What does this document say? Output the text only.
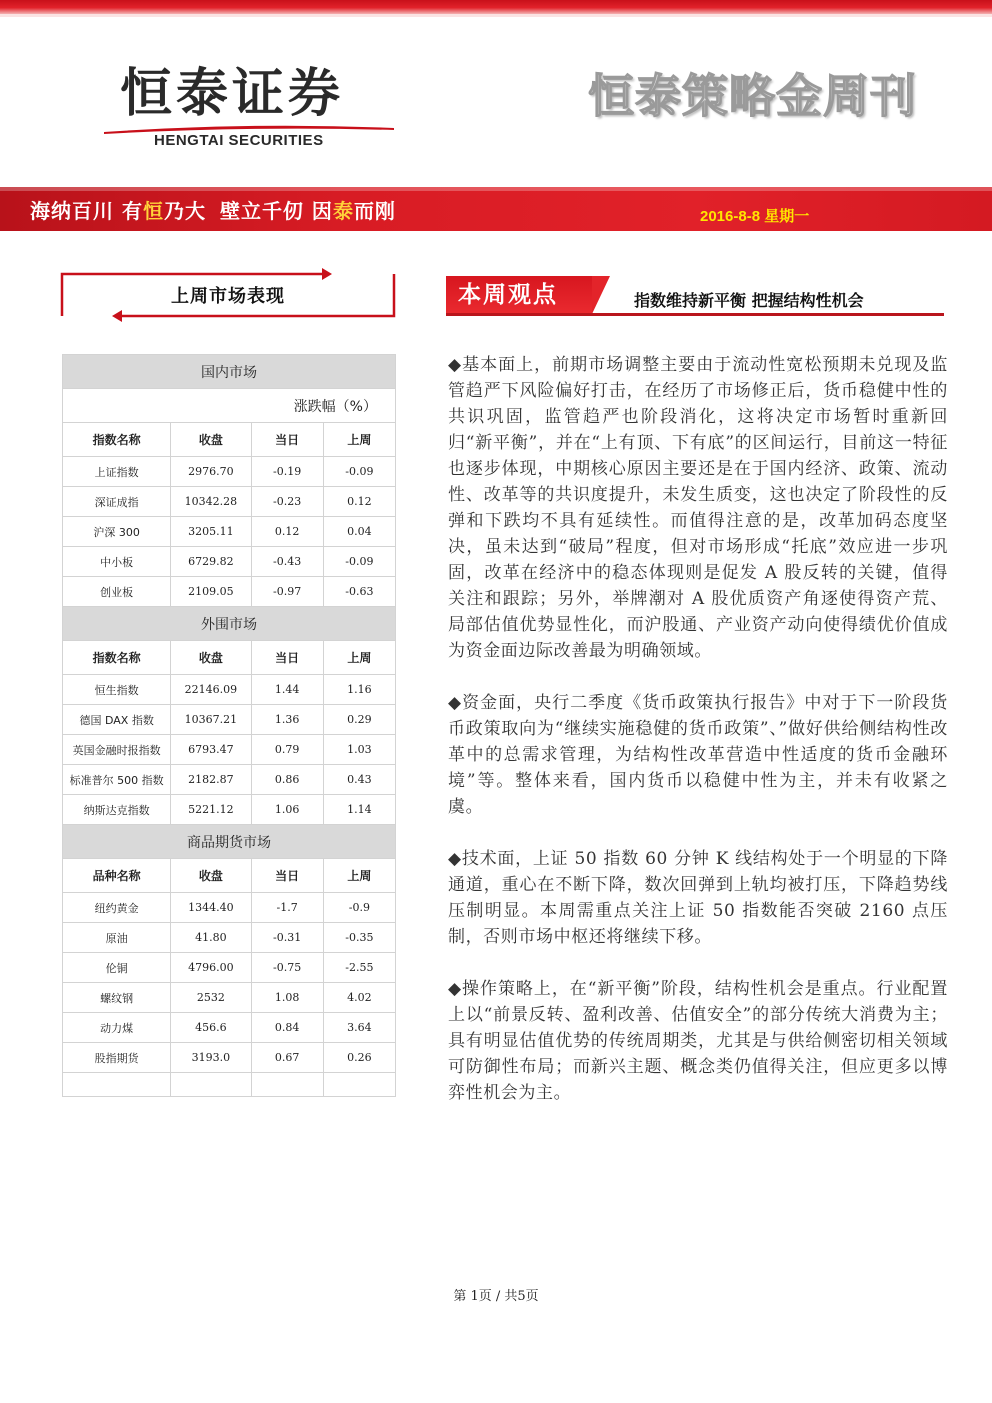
恒泰证券
HENGTAI SECURITIES
恒泰策略金周刊
海纳百川 有恒乃大 壁立千仞 因泰而刚	2016-8-8 星期一
上周市场表现
国内市场			
涨跌幅（%）			
指数名称	收盘	当日	上周
上证指数	2976.70	-0.19	-0.09
深证成指	10342.28	-0.23	0.12
沪深 300	3205.11	0.12	0.04
中小板	6729.82	-0.43	-0.09
创业板	2109.05	-0.97	-0.63
外围市场			
指数名称	收盘	当日	上周
恒生指数	22146.09	1.44	1.16
德国 DAX 指数	10367.21	1.36	0.29
英国金融时报指数	6793.47	0.79	1.03
标准普尔 500 指数	2182.87	0.86	0.43
纳斯达克指数	5221.12	1.06	1.14
商品期货市场			
品种名称	收盘	当日	上周
纽约黄金	1344.40	-1.7	-0.9
原油	41.80	-0.31	-0.35
伦铜	4796.00	-0.75	-2.55
螺纹钢	2532	1.08	4.02
动力煤	456.6	0.84	3.64
股指期货	3193.0	0.67	0.26

本周观点	指数维持新平衡 把握结构性机会

◆基本面上，前期市场调整主要由于流动性宽松预期未兑现及监管趋严下风险偏好打击，在经历了市场修正后，货币稳健中性的共识巩固，监管趋严也阶段消化，这将决定市场暂时重新回归“新平衡”，并在“上有顶、下有底”的区间运行，目前这一特征也逐步体现，中期核心原因主要还是在于国内经济、政策、流动性、改革等的共识度提升，未发生质变，这也决定了阶段性的反弹和下跌均不具有延续性。而值得注意的是，改革加码态度坚决，虽未达到“破局”程度，但对市场形成“托底”效应进一步巩固，改革在经济中的稳态体现则是促发 A 股反转的关键，值得关注和跟踪；另外，举牌潮对 A 股优质资产角逐使得资产荒、局部估值优势显性化，而沪股通、产业资产动向使得绩优价值成为资金面边际改善最为明确领域。

◆资金面，央行二季度《货币政策执行报告》中对于下一阶段货币政策取向为“继续实施稳健的货币政策”、”做好供给侧结构性改革中的总需求管理，为结构性改革营造中性适度的货币金融环境”等。整体来看，国内货币以稳健中性为主，并未有收紧之虞。

◆技术面，上证 50 指数 60 分钟 K 线结构处于一个明显的下降通道，重心在不断下降，数次回弹到上轨均被打压，下降趋势线压制明显。本周需重点关注上证 50 指数能否突破 2160 点压制，否则市场中枢还将继续下移。

◆操作策略上，在“新平衡”阶段，结构性机会是重点。行业配置上以“前景反转、盈利改善、估值安全”的部分传统大消费为主；具有明显估值优势的传统周期类，尤其是与供给侧密切相关领域可防御性布局；而新兴主题、概念类仍值得关注，但应更多以博弈性机会为主。

第 1页 / 共5页
